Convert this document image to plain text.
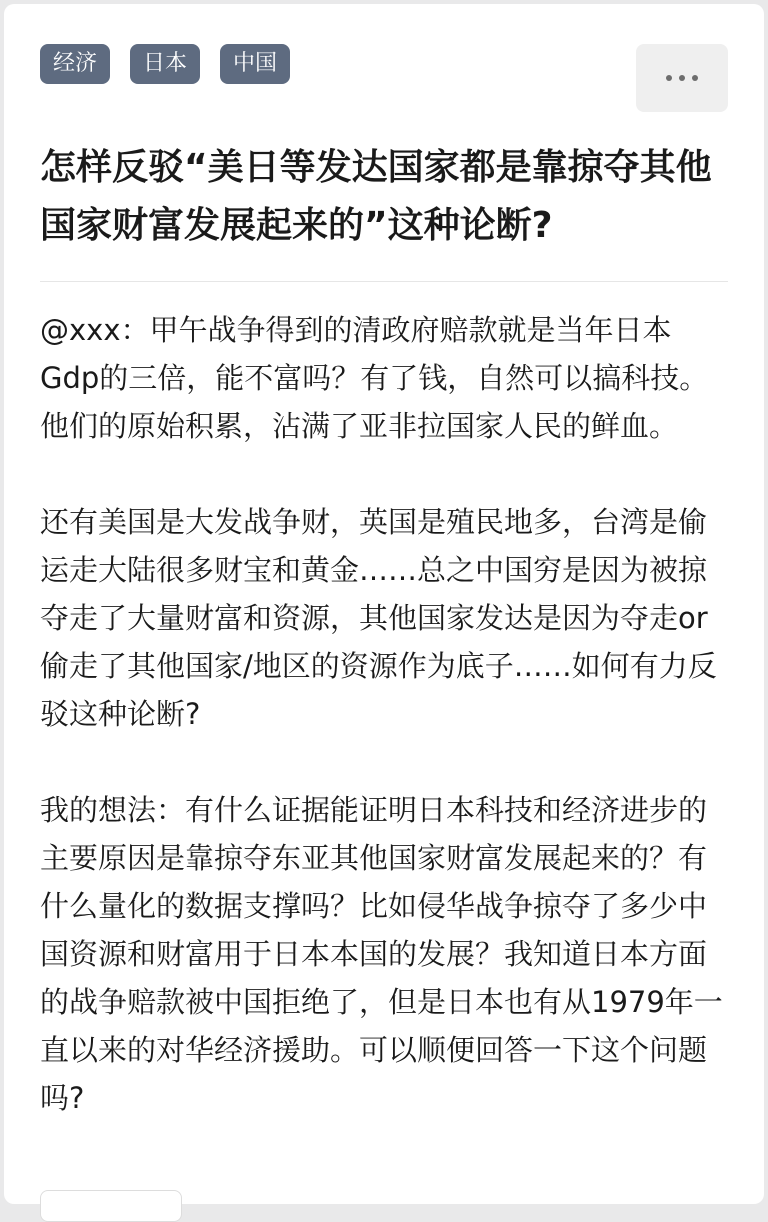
经济	日本	中国
怎样反驳“美日等发达国家都是靠掠夺其他国家财富发展起来的”这种论断?

@xxx：甲午战争得到的清政府赔款就是当年日本Gdp的三倍，能不富吗？有了钱，自然可以搞科技。他们的原始积累，沾满了亚非拉国家人民的鲜血。

还有美国是大发战争财，英国是殖民地多，台湾是偷运走大陆很多财宝和黄金……总之中国穷是因为被掠夺走了大量财富和资源，其他国家发达是因为夺走or偷走了其他国家/地区的资源作为底子……如何有力反驳这种论断?

我的想法：有什么证据能证明日本科技和经济进步的主要原因是靠掠夺东亚其他国家财富发展起来的？有什么量化的数据支撑吗？比如侵华战争掠夺了多少中国资源和财富用于日本本国的发展？我知道日本方面的战争赔款被中国拒绝了，但是日本也有从1979年一直以来的对华经济援助。可以顺便回答一下这个问题吗?
